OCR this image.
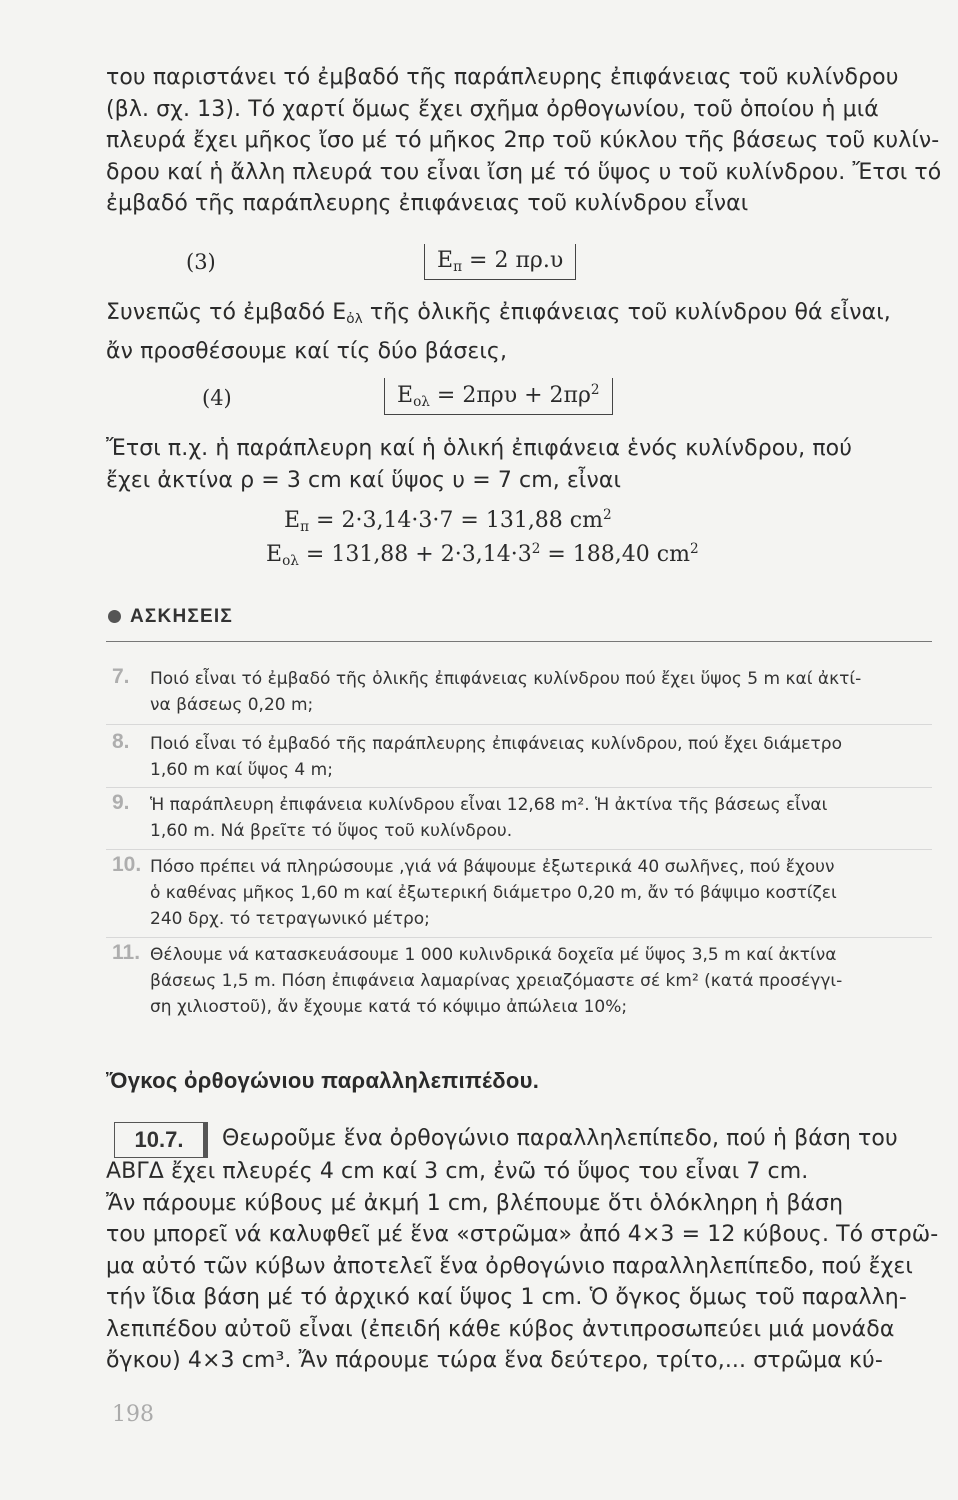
του παριστάνει τό ἐμβαδό τῆς παράπλευρης ἐπιφάνειας τοῦ κυλίνδρου
(βλ. σχ. 13). Τό χαρτί ὅμως ἔχει σχῆμα ὀρθογωνίου, τοῦ ὁποίου ἡ μιά
πλευρά ἔχει μῆκος ἴσο μέ τό μῆκος 2πρ τοῦ κύκλου τῆς βάσεως τοῦ κυλίν-
δρου καί ἡ ἄλλη πλευρά του εἶναι ἴση μέ τό ὕψος υ τοῦ κυλίνδρου. Ἔτσι τό
ἐμβαδό τῆς παράπλευρης ἐπιφάνειας τοῦ κυλίνδρου εἶναι
(3)	$E_\pi = 2$ πρ.υ
Συνεπῶς τό ἐμβαδό $E_{ὀ\lambda}$ τῆς ὁλικῆς ἐπιφάνειας τοῦ κυλίνδρου θά εἶναι,
ἄν προσθέσουμε καί τίς δύο βάσεις,
(4)	$E_{o\lambda} = 2\pi\rho\upsilon + 2\pi\rho^2$
Ἔτσι π.χ. ἡ παράπλευρη καί ἡ ὁλική ἐπιφάνεια ἑνός κυλίνδρου, πού
ἔχει ἀκτίνα ρ = 3 cm καί ὕψος υ = 7 cm, εἶναι
$E_\pi = 2\cdot 3,14\cdot 3\cdot 7 = 131,88$ $cm^2$
$E_{o\lambda} = 131,88 + 2\cdot 3,14\cdot 3^2 = 188,40$ $cm^2$
ΑΣΚΗΣΕΙΣ
7. Ποιό εἶναι τό ἐμβαδό τῆς ὁλικῆς ἐπιφάνειας κυλίνδρου πού ἔχει ὕψος 5 m καί ἀκτί-
να βάσεως 0,20 m;
8. Ποιό εἶναι τό ἐμβαδό τῆς παράπλευρης ἐπιφάνειας κυλίνδρου, πού ἔχει διάμετρο
1,60 m καί ὕψος 4 m;
9. Ἡ παράπλευρη ἐπιφάνεια κυλίνδρου εἶναι 12,68 m². Ἡ ἀκτίνα τῆς βάσεως εἶναι
1,60 m. Νά βρεῖτε τό ὕψος τοῦ κυλίνδρου.
10. Πόσο πρέπει νά πληρώσουμε ,γιά νά βάψουμε ἐξωτερικά 40 σωλῆνες, πού ἔχουν
ὁ καθένας μῆκος 1,60 m καί ἐξωτερική διάμετρο 0,20 m, ἄν τό βάψιμο κοστίζει
240 δρχ. τό τετραγωνικό μέτρο;
11. Θέλουμε νά κατασκευάσουμε 1 000 κυλινδρικά δοχεῖα μέ ὕψος 3,5 m καί ἀκτίνα
βάσεως 1,5 m. Πόση ἐπιφάνεια λαμαρίνας χρειαζόμαστε σέ km² (κατά προσέγγι-
ση χιλιοστοῦ), ἄν ἔχουμε κατά τό κόψιμο ἀπώλεια 10%;
Ὄγκος ὀρθογώνιου παραλληλεπιπέδου.
10.7.	Θεωροῦμε ἕνα ὀρθογώνιο παραλληλεπίπεδο, πού ἡ βάση του
ΑΒΓΔ ἔχει πλευρές 4 cm καί 3 cm, ἐνῶ τό ὕψος του εἶναι 7 cm.
Ἄν πάρουμε κύβους μέ ἀκμή 1 cm, βλέπουμε ὅτι ὁλόκληρη ἡ βάση
του μπορεῖ νά καλυφθεῖ μέ ἕνα «στρῶμα» ἀπό 4×3 = 12 κύβους. Τό στρῶ-
μα αὐτό τῶν κύβων ἀποτελεῖ ἕνα ὀρθογώνιο παραλληλεπίπεδο, πού ἔχει
τήν ἴδια βάση μέ τό ἀρχικό καί ὕψος 1 cm. Ὁ ὄγκος ὅμως τοῦ παραλλη-
λεπιπέδου αὐτοῦ εἶναι (ἐπειδή κάθε κύβος ἀντιπροσωπεύει μιά μονάδα
ὄγκου) 4×3 cm³. Ἄν πάρουμε τώρα ἕνα δεύτερο, τρίτο,... στρῶμα κύ-
198
